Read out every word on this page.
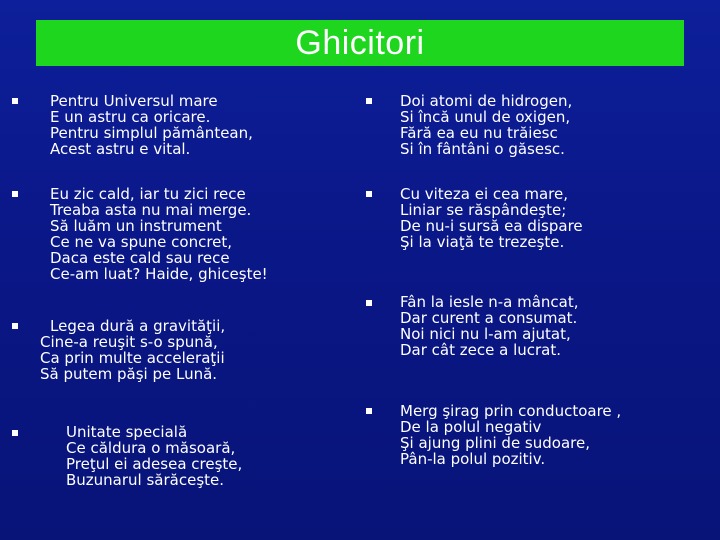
Ghicitori
Pentru Universul mare
E un astru ca oricare.
Pentru simplul pământean,
Acest astru e vital.
Eu zic cald, iar tu zici rece
Treaba asta nu mai merge.
Să luăm un instrument
Ce ne va spune concret,
Daca este cald sau rece
Ce-am luat? Haide, ghiceşte!
Legea dură a gravităţii,
Cine-a reuşit s-o spună,
Ca prin multe acceleraţii
Să putem păşi pe Lună.
Unitate specială
Ce căldura o măsoară,
Preţul ei adesea creşte,
Buzunarul sărăceşte.
Doi atomi de hidrogen,
Si încă unul de oxigen,
Fără ea eu nu trăiesc
Si în fântâni o găsesc.
Cu viteza ei cea mare,
Liniar se răspândeşte;
De nu-i sursă ea dispare
Şi la viaţă te trezeşte.
Fân la iesle n-a mâncat,
Dar curent a consumat.
Noi nici nu l-am ajutat,
Dar cât zece a lucrat.
Merg şirag prin conductoare ,
De la polul negativ
Şi ajung plini de sudoare,
Pân-la polul pozitiv.
